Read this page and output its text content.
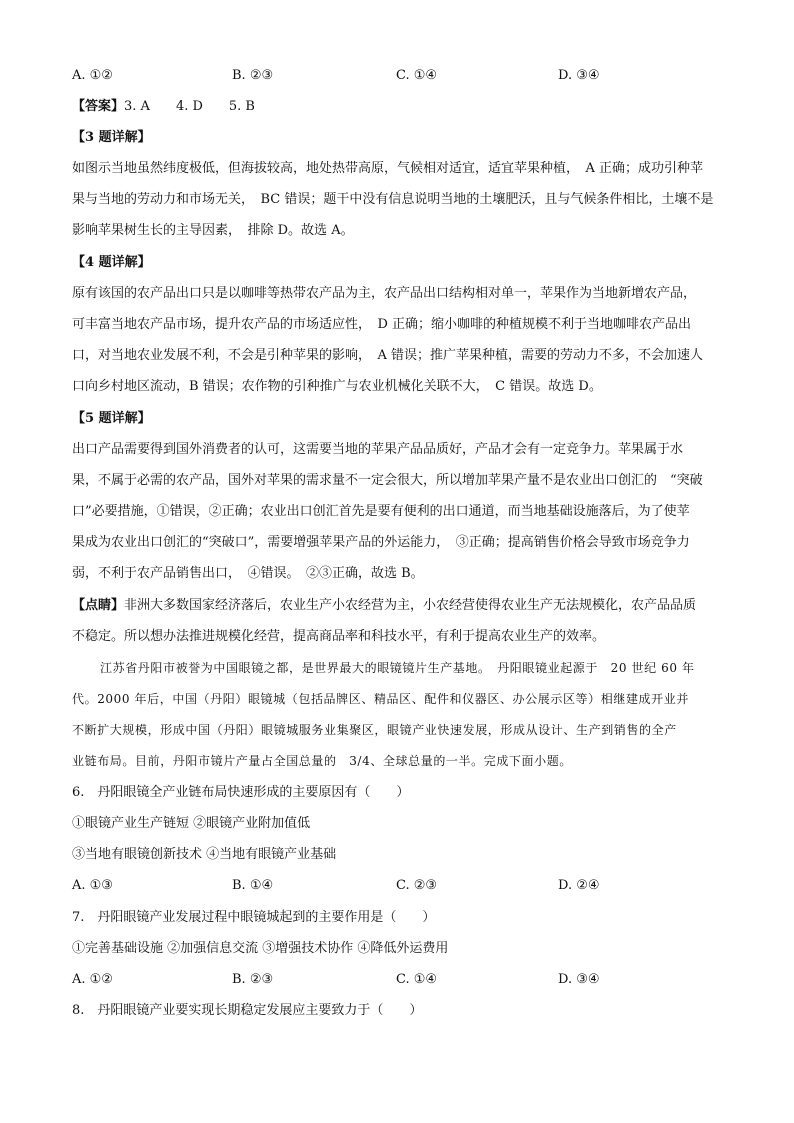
A. ①②	B. ②③	C. ①④	D. ③④
【答案】3. A　　4. D　　5. B
【3 题详解】
如图示当地虽然纬度极低，但海拔较高，地处热带高原，气候相对适宜，适宜苹果种植，　A 正确；成功引种苹
果与当地的劳动力和市场无关，　BC 错误；题干中没有信息说明当地的土壤肥沃，且与气候条件相比，土壤不是
影响苹果树生长的主导因素，　排除 D。故选 A。
【4 题详解】
原有该国的农产品出口只是以咖啡等热带农产品为主，农产品出口结构相对单一，苹果作为当地新增农产品，
可丰富当地农产品市场，提升农产品的市场适应性，　D 正确；缩小咖啡的种植规模不利于当地咖啡农产品出
口，对当地农业发展不利，不会是引种苹果的影响，　A 错误；推广苹果种植，需要的劳动力不多，不会加速人
口向乡村地区流动，B 错误；农作物的引种推广与农业机械化关联不大，　C 错误。故选 D。
【5 题详解】
出口产品需要得到国外消费者的认可，这需要当地的苹果产品品质好，产品才会有一定竞争力。苹果属于水
果，不属于必需的农产品，国外对苹果的需求量不一定会很大，所以增加苹果产量不是农业出口创汇的　“突破
口”必要措施，①错误，②正确；农业出口创汇首先是要有便利的出口通道，而当地基础设施落后，为了使苹
果成为农业出口创汇的“突破口”，需要增强苹果产品的外运能力，　③正确；提高销售价格会导致市场竞争力
弱，不利于农产品销售出口，　④错误。　②③正确，故选 B。
【点睛】非洲大多数国家经济落后，农业生产小农经营为主，小农经营使得农业生产无法规模化，农产品品质
不稳定。所以想办法推进规模化经营，提高商品率和科技水平，有利于提高农业生产的效率。
江苏省丹阳市被誉为中国眼镜之都，是世界最大的眼镜镜片生产基地。　丹阳眼镜业起源于　20 世纪 60 年
代。2000 年后，中国（丹阳）眼镜城（包括品牌区、精品区、配件和仪器区、办公展示区等）相继建成开业并
不断扩大规模，形成中国（丹阳）眼镜城服务业集聚区，眼镜产业快速发展，形成从设计、生产到销售的全产
业链布局。目前，丹阳市镜片产量占全国总量的　3/4、全球总量的一半。完成下面小题。
6.　丹阳眼镜全产业链布局快速形成的主要原因有（　　）
①眼镜产业生产链短 ②眼镜产业附加值低
③当地有眼镜创新技术 ④当地有眼镜产业基础
A. ①③	B. ①④	C. ②③	D. ②④
7.　丹阳眼镜产业发展过程中眼镜城起到的主要作用是（　　）
①完善基础设施 ②加强信息交流 ③增强技术协作 ④降低外运费用
A. ①②	B. ②③	C. ①④	D. ③④
8.　丹阳眼镜产业要实现长期稳定发展应主要致力于（　　）
